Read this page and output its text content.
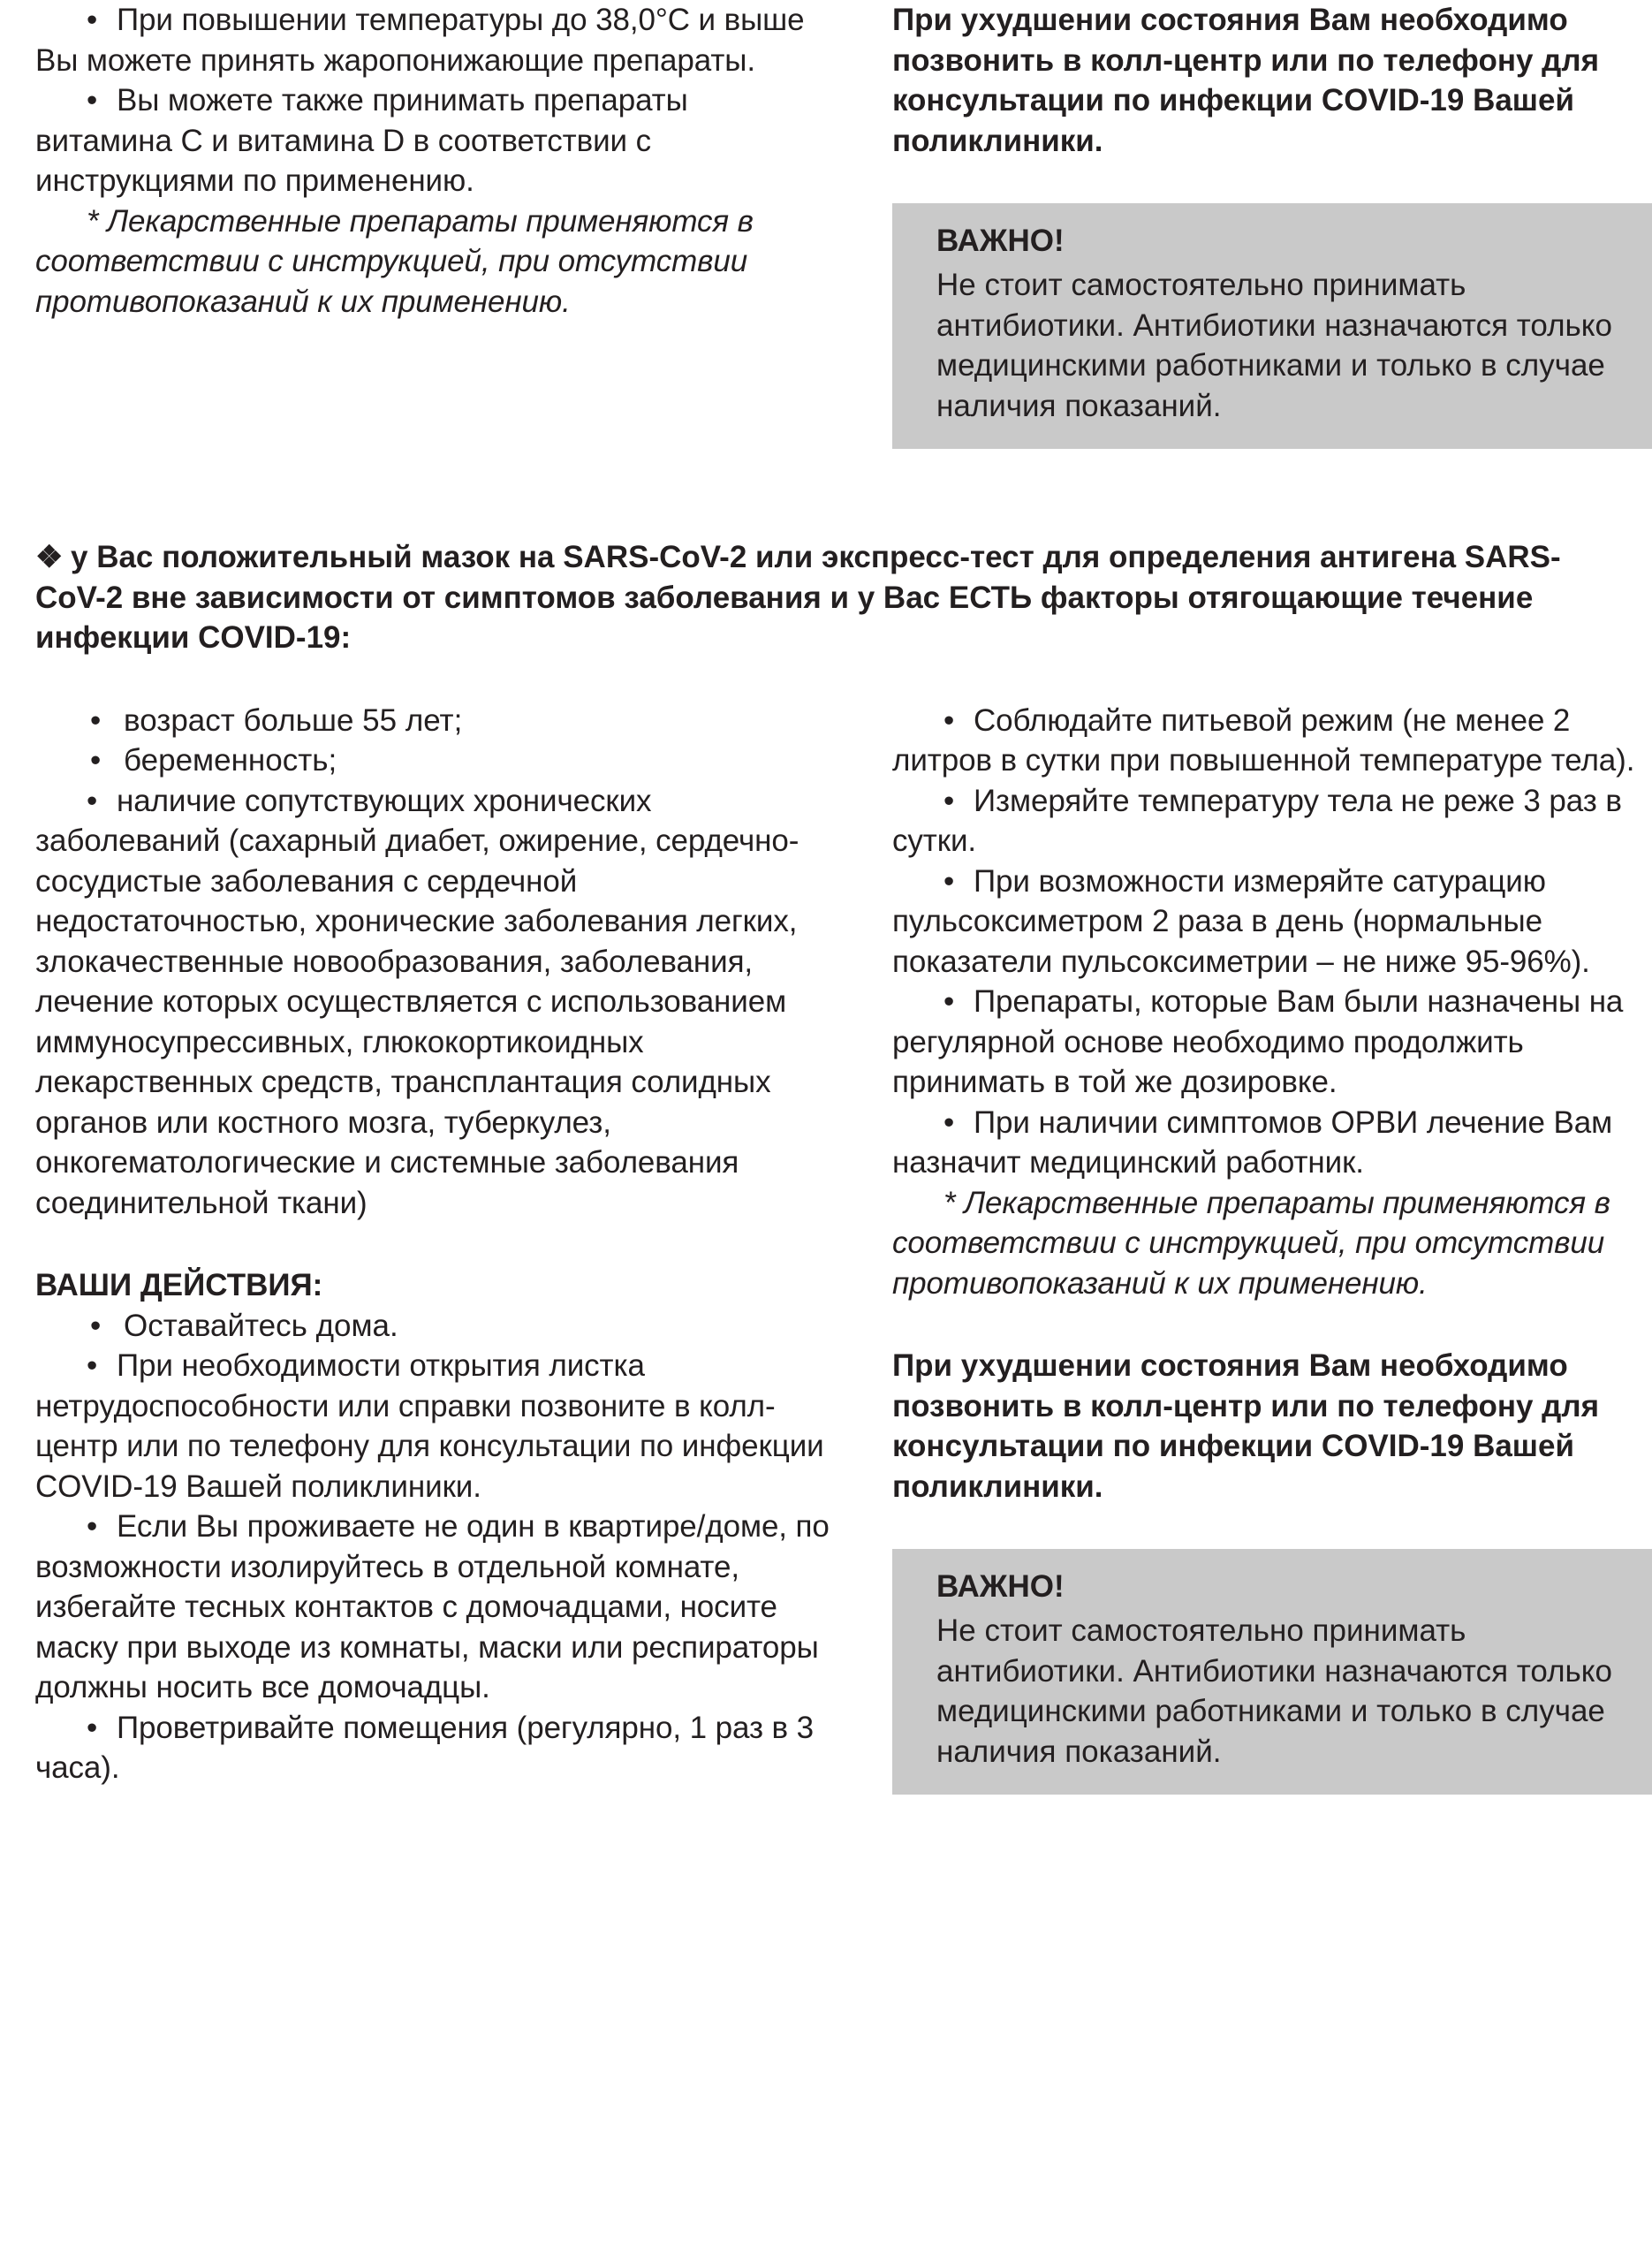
• При повышении температуры до 38,0°С и выше Вы можете принять жаропонижающие препараты.

• Вы можете также принимать препараты витамина C и витамина D в соответствии с инструкциями по применению.

* Лекарственные препараты применяются в соответствии с инструкцией, при отсутствии противопоказаний к их применению.

При ухудшении состояния Вам необходимо позвонить в колл-центр или по телефону для консультации по инфекции COVID-19 Вашей поликлиники.

ВАЖНО!

Не стоит самостоятельно принимать антибиотики. Антибиотики назначаются только медицинскими работниками и только в случае наличия показаний.

❖ у Вас положительный мазок на SARS-CoV-2 или экспресс-тест для определения антигена SARS-CoV-2 вне зависимости от симптомов заболевания и у Вас ЕСТЬ факторы отягощающие течение инфекции COVID-19:

• возраст больше 55 лет;
• беременность;

• наличие сопутствующих хронических заболеваний (сахарный диабет, ожирение, сердечно-сосудистые заболевания с сердечной недостаточностью, хронические заболевания легких, злокачественные новообразования, заболевания, лечение которых осуществляется с использованием иммуносупрессивных, глюкокортикоидных лекарственных средств, трансплантация солидных органов или костного мозга, туберкулез, онкогематологические и системные заболевания соединительной ткани)

ВАШИ ДЕЙСТВИЯ:

• Оставайтесь дома.

• При необходимости открытия листка нетрудоспособности или справки позвоните в колл-центр или по телефону для консультации по инфекции COVID-19 Вашей поликлиники.

• Если Вы проживаете не один в квартире/доме, по возможности изолируйтесь в отдельной комнате, избегайте тесных контактов с домочадцами, носите маску при выходе из комнаты, маски или респираторы должны носить все домочадцы.

• Проветривайте помещения (регулярно, 1 раз в 3 часа).

• Соблюдайте питьевой режим (не менее 2 литров в сутки при повышенной температуре тела).

• Измеряйте температуру тела не реже 3 раз в сутки.

• При возможности измеряйте сатурацию пульсоксиметром 2 раза в день (нормальные показатели пульсоксиметрии – не ниже 95-96%).

• Препараты, которые Вам были назначены на регулярной основе необходимо продолжить принимать в той же дозировке.

• При наличии симптомов ОРВИ лечение Вам назначит медицинский работник.

* Лекарственные препараты применяются в соответствии с инструкцией, при отсутствии противопоказаний к их применению.

При ухудшении состояния Вам необходимо позвонить в колл-центр или по телефону для консультации по инфекции COVID-19 Вашей поликлиники.

ВАЖНО!

Не стоит самостоятельно принимать антибиотики. Антибиотики назначаются только медицинскими работниками и только в случае наличия показаний.
